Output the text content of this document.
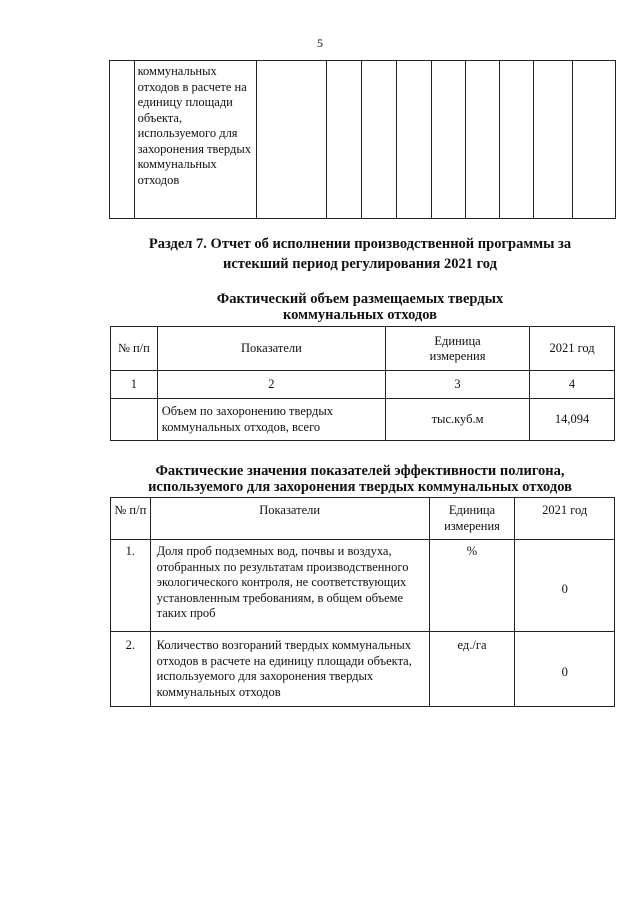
5
	коммунальных отходов в расчете на единицу площади объекта, используемого для захоронения твердых коммунальных отходов									
Раздел 7. Отчет об исполнении производственной программы за
истекший период регулирования 2021 год
Фактический объем размещаемых твердых
коммунальных отходов
№ п/п	Показатели	Единица измерения	2021 год
1	2	3	4
	Объем по захоронению твердых коммунальных отходов, всего	тыс.куб.м	14,094
Фактические значения показателей эффективности полигона,
используемого для захоронения твердых коммунальных отходов
№ п/п	Показатели	Единица измерения	2021 год
1.	Доля проб подземных вод, почвы и воздуха, отобранных по результатам производственного экологического контроля, не соответствующих установленным требованиям, в общем объеме таких проб	%	0
2.	Количество возгораний твердых коммунальных отходов в расчете на единицу площади объекта, используемого для захоронения твердых коммунальных отходов	ед./га	0
